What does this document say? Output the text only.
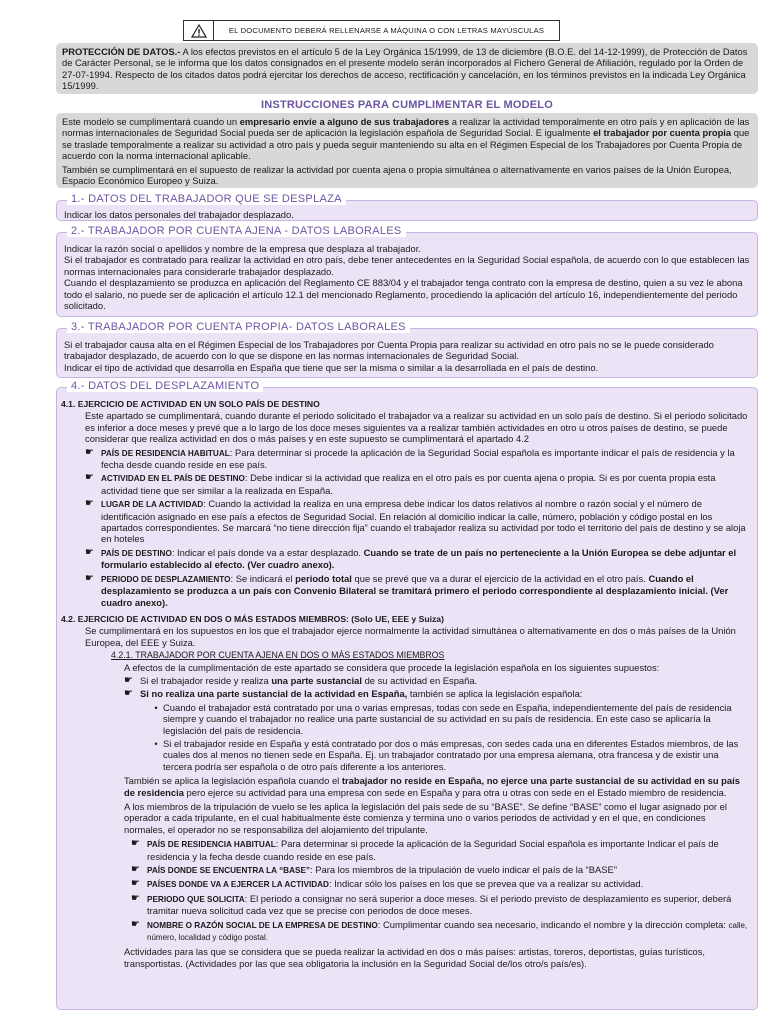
EL DOCUMENTO DEBERÁ RELLENARSE A MÁQUINA O CON LETRAS MAYÚSCULAS
PROTECCIÓN DE DATOS.- A los efectos previstos en el artículo 5 de la Ley Orgánica 15/1999, de 13 de diciembre (B.O.E. del 14-12-1999), de Protección de Datos de Carácter Personal, se le informa que los datos consignados en el presente modelo serán incorporados al Fichero General de Afiliación, regulado por la Orden de 27-07-1994. Respecto de los citados datos podrá ejercitar los derechos de acceso, rectificación y cancelación, en los términos previstos en la indicada Ley Orgánica 15/1999.
INSTRUCCIONES PARA CUMPLIMENTAR EL MODELO
Este modelo se cumplimentará cuando un empresario envíe a alguno de sus trabajadores a realizar la actividad temporalmente en otro país y en aplicación de las normas internacionales de Seguridad Social pueda ser de aplicación la legislación española de Seguridad Social. E igualmente el trabajador por cuenta propia que se traslade temporalmente a realizar su actividad a otro país y pueda seguir manteniendo su alta en el Régimen Especial de los Trabajadores por Cuenta Propia de acuerdo con la norma internacional aplicable.
También se cumplimentará en el supuesto de realizar la actividad por cuenta ajena o propia simultánea o alternativamente en varios países de la Unión Europea, Espacio Económico Europeo y Suiza.
1.- DATOS DEL TRABAJADOR QUE SE DESPLAZA
Indicar los datos personales del trabajador desplazado.
2.- TRABAJADOR POR CUENTA AJENA - DATOS LABORALES
Indicar la razón social o apellidos y nombre de la empresa que desplaza al trabajador.
Si el trabajador es contratado para realizar la actividad en otro país, debe tener antecedentes en la Seguridad Social española, de acuerdo con lo que establecen las normas internacionales para considerarle trabajador desplazado.
Cuando el desplazamiento se produzca en aplicación del Reglamento CE 883/04 y el trabajador tenga contrato con la empresa de destino, quien a su vez le abona todo el salario, no puede ser de aplicación el artículo 12.1 del mencionado Reglamento, procediendo la aplicación del artículo 16, independientemente del periodo solicitado.
3.- TRABAJADOR POR CUENTA PROPIA- DATOS LABORALES
Si el trabajador causa alta en el Régimen Especial de los Trabajadores por Cuenta Propia para realizar su actividad en otro país no se le puede considerado trabajador desplazado, de acuerdo con lo que se dispone en las normas internacionales de Seguridad Social.
Indicar el tipo de actividad que desarrolla en España que tiene que ser la misma o similar a la desarrollada en el país de destino.
4.- DATOS DEL DESPLAZAMIENTO
4.1. EJERCICIO DE ACTIVIDAD EN UN SOLO PAÍS DE DESTINO
Este apartado se cumplimentará, cuando durante el periodo solicitado el trabajador va a realizar su actividad en un solo país de destino. Si el periodo solicitado es inferior a doce meses y prevé que a lo largo de los doce meses siguientes va a realizar también actividades en otro u otros países de destino, se puede considerar que realiza actividad en dos o más países y en este supuesto se cumplimentará el apartado 4.2
☛ PAÍS DE RESIDENCIA HABITUAL: Para determinar si procede la aplicación de la Seguridad Social española es importante indicar el país de residencia y la fecha desde cuando reside en ese país.
☛ ACTIVIDAD EN EL PAÍS DE DESTINO: Debe indicar si la actividad que realiza en el otro país es por cuenta ajena o propia. Si es por cuenta propia esta actividad tiene que ser similar a la realizada en España.
☛ LUGAR DE LA ACTIVIDAD: Cuando la actividad la realiza en una empresa debe indicar los datos relativos al nombre o razón social y el número de identificación asignado en ese país a efectos de Seguridad Social. En relación al domicilio indicar la calle, número, población y código postal en los apartados correspondientes. Se marcará “no tiene dirección fija” cuando el trabajador realiza su actividad por todo el territorio del país de destino y se aloja en hoteles
☛ PAÍS DE DESTINO: Indicar el país donde va a estar desplazado. Cuando se trate de un país no perteneciente a la Unión Europea se debe adjuntar el formulario establecido al efecto. (Ver cuadro anexo).
☛ PERIODO DE DESPLAZAMIENTO: Se indicará el periodo total que se prevé que va a durar el ejercicio de la actividad en el otro país. Cuando el desplazamiento se produzca a un país con Convenio Bilateral se tramitará primero el periodo correspondiente al desplazamiento inicial. (Ver cuadro anexo).
4.2. EJERCICIO DE ACTIVIDAD EN DOS O MÁS ESTADOS MIEMBROS: (Solo UE, EEE y Suiza)
Se cumplimentará en los supuestos en los que el trabajador ejerce normalmente la actividad simultánea o alternativamente en dos o más países de la Unión Europea, del EEE y Suiza.
4.2.1. TRABAJADOR POR CUENTA AJENA EN DOS O MÁS ESTADOS MIEMBROS
A efectos de la cumplimentación de este apartado se considera que procede la legislación española en los siguientes supuestos:
☛ Si el trabajador reside y realiza una parte sustancial de su actividad en España.
☛ Si no realiza una parte sustancial de la actividad en España, también se aplica la legislación española:
• Cuando el trabajador está contratado por una o varias empresas, todas con sede en España, independientemente del país de residencia siempre y cuando el trabajador no realice una parte sustancial de su actividad en su país de residencia. En este caso se aplicaría la legislación del país de residencia.
• Si el trabajador reside en España y está contratado por dos o más empresas, con sedes cada una en diferentes Estados miembros, de las cuales dos al menos no tienen sede en España. Ej. un trabajador contratado por una empresa alemana, otra francesa y de existir una tercera podría ser española o de otro país diferente a los anteriores.
También se aplica la legislación española cuando el trabajador no reside en España, no ejerce una parte sustancial de su actividad en su país de residencia pero ejerce su actividad para una empresa con sede en España y para otra u otras con sede en el Estado miembro de residencia.
A los miembros de la tripulación de vuelo se les aplica la legislación del país sede de su “BASE”. Se define “BASE” como el lugar asignado por el operador a cada tripulante, en el cual habitualmente éste comienza y termina uno o varios periodos de actividad y en el que, en condiciones normales, el operador no se responsabiliza del alojamiento del tripulante.
☛ PAÍS DE RESIDENCIA HABITUAL: Para determinar si procede la aplicación de la Seguridad Social española es importante Indicar el país de residencia y la fecha desde cuando reside en ese país.
☛ PAÍS DONDE SE ENCUENTRA LA “BASE”: Para los miembros de la tripulación de vuelo indicar el país de la “BASE”
☛ PAÍSES DONDE VA A EJERCER LA ACTIVIDAD: Indicar sólo los países en los que se prevea que va a realizar su actividad.
☛ PERIODO QUE SOLICITA: El periodo a consignar no será superior a doce meses. Si el periodo previsto de desplazamiento es superior, deberá tramitar nueva solicitud cada vez que se precise con periodos de doce meses.
☛ NOMBRE O RAZÓN SOCIAL DE LA EMPRESA DE DESTINO: Cumplimentar cuando sea necesario, indicando el nombre y la dirección completa: calle, número, localidad y código postal.
Actividades para las que se considera que se pueda realizar la actividad en dos o más países: artistas, toreros, deportistas, guías turísticos, transportistas. (Actividades por las que sea obligatoria la inclusión en la Seguridad Social de/los otro/s país/es).
